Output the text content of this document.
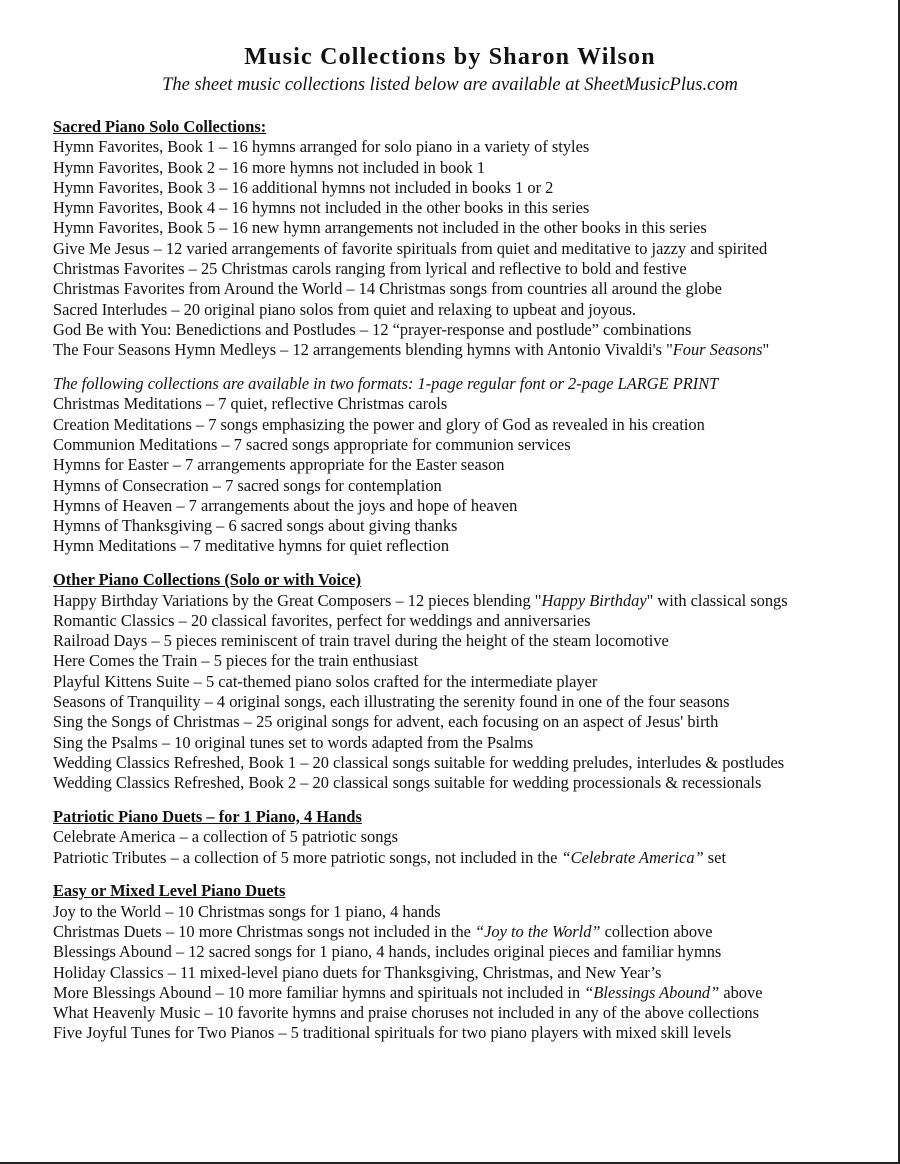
Music Collections by Sharon Wilson
The sheet music collections listed below are available at SheetMusicPlus.com
Sacred Piano Solo Collections:
Hymn Favorites, Book 1 – 16 hymns arranged for solo piano in a variety of styles
Hymn Favorites, Book 2 – 16 more hymns not included in book 1
Hymn Favorites, Book 3 – 16 additional hymns not included in books 1 or 2
Hymn Favorites, Book 4 – 16 hymns not included in the other books in this series
Hymn Favorites, Book 5 – 16 new hymn arrangements not included in the other books in this series
Give Me Jesus – 12 varied arrangements of favorite spirituals from quiet and meditative to jazzy and spirited
Christmas Favorites – 25 Christmas carols ranging from lyrical and reflective to bold and festive
Christmas Favorites from Around the World – 14 Christmas songs from countries all around the globe
Sacred Interludes – 20 original piano solos from quiet and relaxing to upbeat and joyous.
God Be with You: Benedictions and Postludes – 12 “prayer-response and postlude” combinations
The Four Seasons Hymn Medleys – 12 arrangements blending hymns with Antonio Vivaldi's "Four Seasons"
The following collections are available in two formats: 1-page regular font or 2-page LARGE PRINT
Christmas Meditations – 7 quiet, reflective Christmas carols
Creation Meditations – 7 songs emphasizing the power and glory of God as revealed in his creation
Communion Meditations – 7 sacred songs appropriate for communion services
Hymns for Easter – 7 arrangements appropriate for the Easter season
Hymns of Consecration – 7 sacred songs for contemplation
Hymns of Heaven – 7 arrangements about the joys and hope of heaven
Hymns of Thanksgiving – 6 sacred songs about giving thanks
Hymn Meditations – 7 meditative hymns for quiet reflection
Other Piano Collections (Solo or with Voice)
Happy Birthday Variations by the Great Composers – 12 pieces blending "Happy Birthday" with classical songs
Romantic Classics – 20 classical favorites, perfect for weddings and anniversaries
Railroad Days – 5 pieces reminiscent of train travel during the height of the steam locomotive
Here Comes the Train – 5 pieces for the train enthusiast
Playful Kittens Suite – 5 cat-themed piano solos crafted for the intermediate player
Seasons of Tranquility – 4 original songs, each illustrating the serenity found in one of the four seasons
Sing the Songs of Christmas – 25 original songs for advent, each focusing on an aspect of Jesus' birth
Sing the Psalms – 10 original tunes set to words adapted from the Psalms
Wedding Classics Refreshed, Book 1 – 20 classical songs suitable for wedding preludes, interludes & postludes
Wedding Classics Refreshed, Book 2 – 20 classical songs suitable for wedding processionals & recessionals
Patriotic Piano Duets – for 1 Piano, 4 Hands
Celebrate America – a collection of 5 patriotic songs
Patriotic Tributes – a collection of 5 more patriotic songs, not included in the “Celebrate America” set
Easy or Mixed Level Piano Duets
Joy to the World – 10 Christmas songs for 1 piano, 4 hands
Christmas Duets – 10 more Christmas songs not included in the “Joy to the World” collection above
Blessings Abound – 12 sacred songs for 1 piano, 4 hands, includes original pieces and familiar hymns
Holiday Classics – 11 mixed-level piano duets for Thanksgiving, Christmas, and New Year’s
More Blessings Abound – 10 more familiar hymns and spirituals not included in “Blessings Abound” above
What Heavenly Music – 10 favorite hymns and praise choruses not included in any of the above collections
Five Joyful Tunes for Two Pianos – 5 traditional spirituals for two piano players with mixed skill levels
